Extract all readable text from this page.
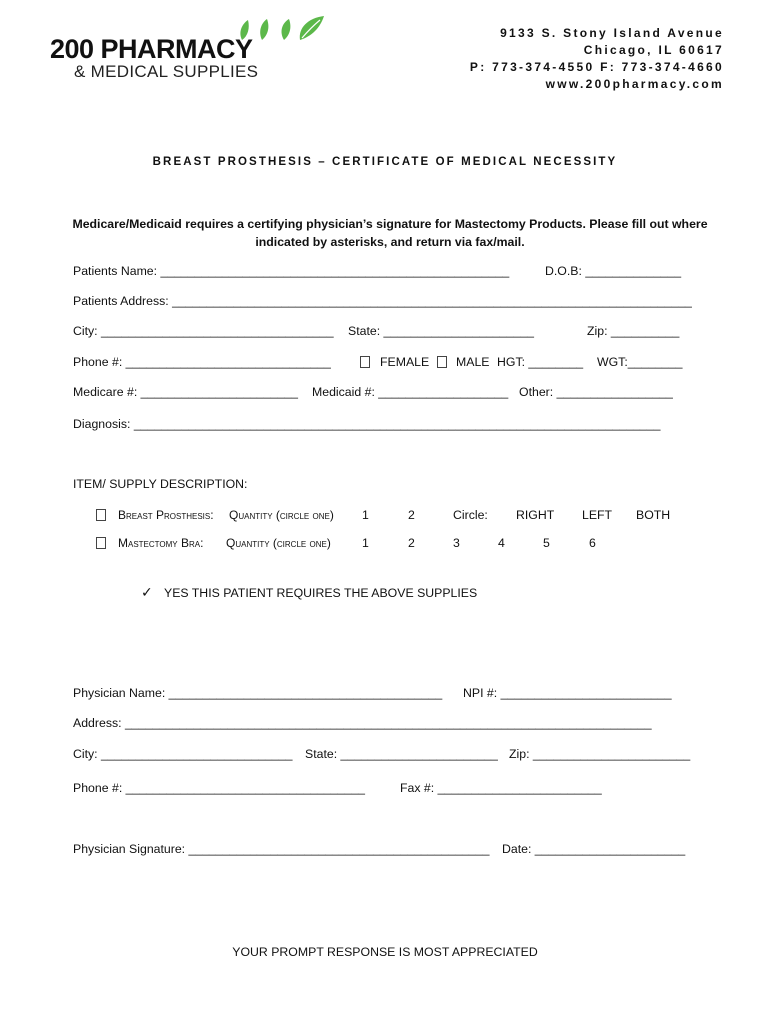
200 PHARMACY
& MEDICAL SUPPLIES
9133 S. Stony Island Avenue
Chicago, IL 60617
P: 773-374-4550 F: 773-374-4660
www.200pharmacy.com
BREAST PROSTHESIS – CERTIFICATE OF MEDICAL NECESSITY
Medicare/Medicaid requires a certifying physician’s signature for Mastectomy Products. Please fill out where
indicated by asterisks, and return via fax/mail.
Patients Name: ___________________________________________________	D.O.B: ______________
Patients Address: ____________________________________________________________________________
City: __________________________________ State: ______________________	Zip: __________
Phone #: ______________________________	FEMALE MALE HGT: ________ WGT:________
Medicare #: _______________________ Medicaid #: ___________________ Other: _________________
Diagnosis: _____________________________________________________________________________
ITEM/ SUPPLY DESCRIPTION:
Breast Prosthesis: Quantity (circle one) 1	2	Circle: RIGHT LEFT BOTH
Mastectomy Bra: Quantity (circle one)	1	2	3	4	5	6
✓ YES THIS PATIENT REQUIRES THE ABOVE SUPPLIES
Physician Name: ________________________________________ NPI #: _________________________
Address: _____________________________________________________________________________
City: ____________________________ State: _______________________ Zip: _______________________
Phone #: ___________________________________	Fax #: ________________________
Physician Signature: ____________________________________________ Date: ______________________
YOUR PROMPT RESPONSE IS MOST APPRECIATED
